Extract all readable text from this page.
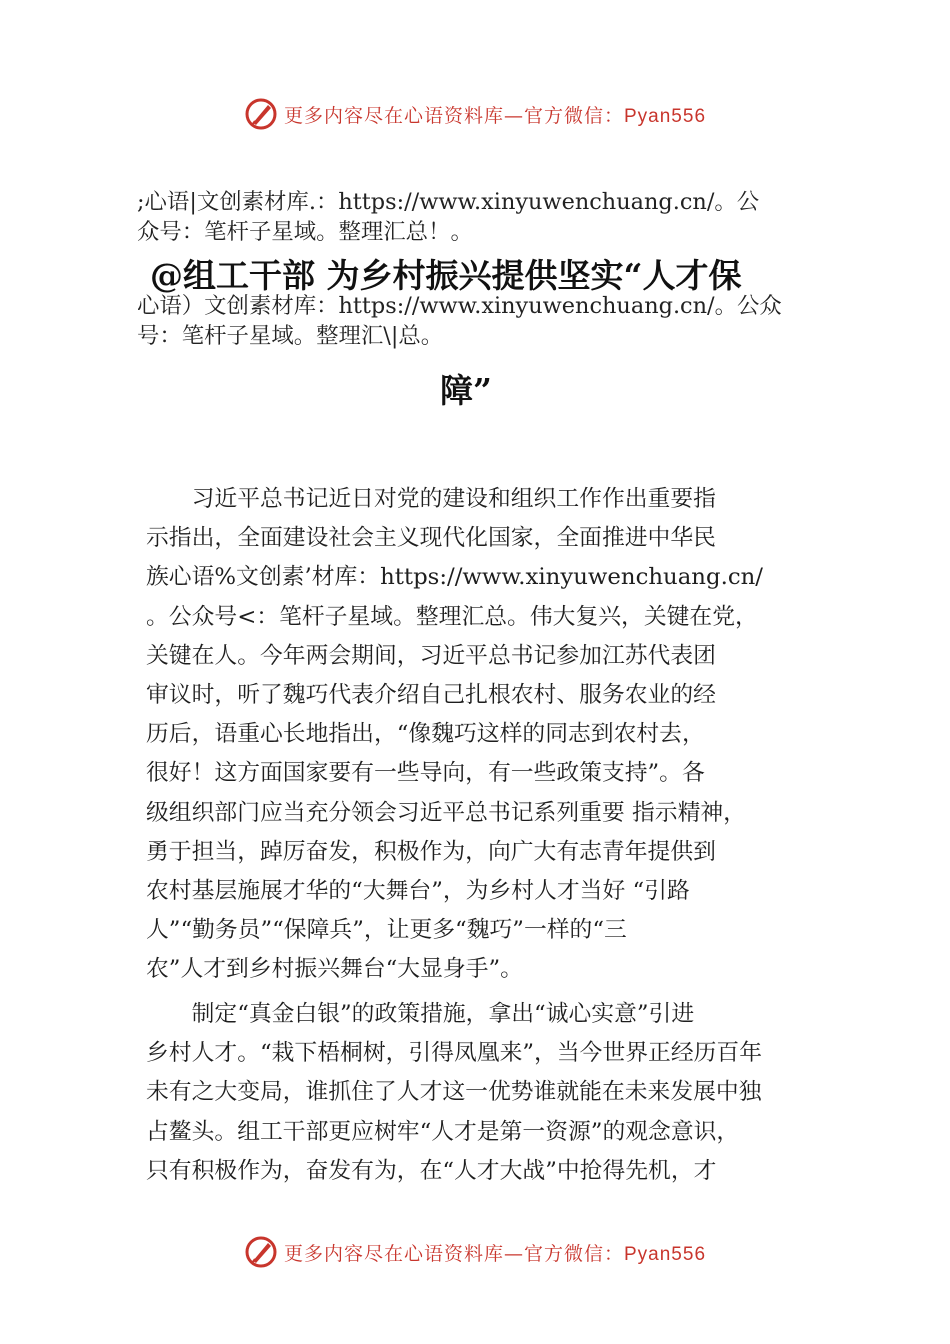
更多内容尽在心语资料库—官方微信：Pyan556
;心语|文创素材库.：https://www.xinyuwenchuang.cn/。公
众号：笔杆子星域。整理汇总！。
@组工干部 为乡村振兴提供坚实“人才保
心语）文创素材库：https://www.xinyuwenchuang.cn/。公众
号：笔杆子星域。整理汇\|总。
障”
　　习近平总书记近日对党的建设和组织工作作出重要指
示指出，全面建设社会主义现代化国家，全面推进中华民
族心语%文创素’材库：https://www.xinyuwenchuang.cn/
。公众号<：笔杆子星域。整理汇总。伟大复兴，关键在党，
关键在人。今年两会期间，习近平总书记参加江苏代表团
审议时，听了魏巧代表介绍自己扎根农村、服务农业的经
历后，语重心长地指出，“像魏巧这样的同志到农村去，
很好！这方面国家要有一些导向，有一些政策支持”。各
级组织部门应当充分领会习近平总书记系列重要 指示精神，
勇于担当，踔厉奋发，积极作为，向广大有志青年提供到
农村基层施展才华的“大舞台”，为乡村人才当好 “引路
人”“勤务员”“保障兵”，让更多“魏巧”一样的“三
农”人才到乡村振兴舞台“大显身手”。
　　制定“真金白银”的政策措施，拿出“诚心实意”引进
乡村人才。“栽下梧桐树，引得凤凰来”，当今世界正经历百年
未有之大变局，谁抓住了人才这一优势谁就能在未来发展中独
占鳌头。组工干部更应树牢“人才是第一资源”的观念意识，
只有积极作为，奋发有为，在“人才大战”中抢得先机，才
更多内容尽在心语资料库—官方微信：Pyan556
